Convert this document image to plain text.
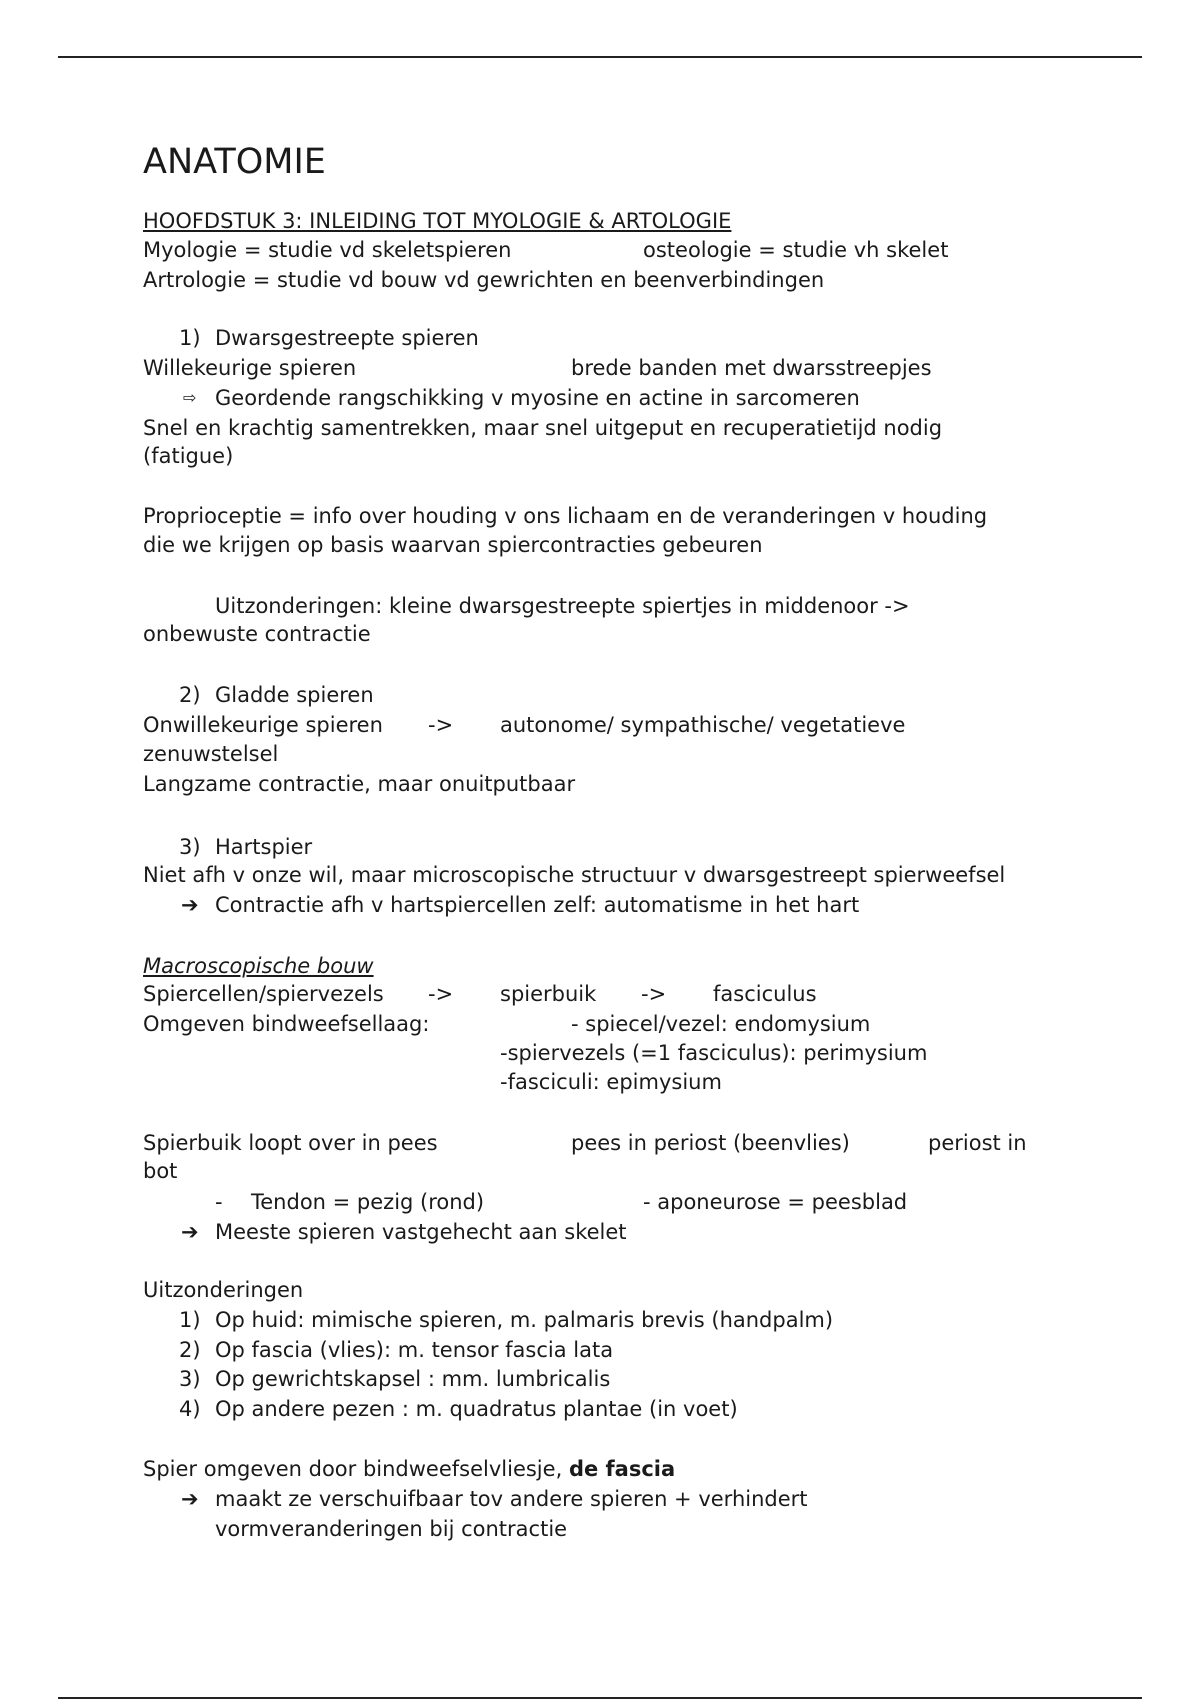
ANATOMIE
HOOFDSTUK 3: INLEIDING TOT MYOLOGIE & ARTOLOGIE
Myologie = studie vd skeletspieren	osteologie = studie vh skelet
Artrologie = studie vd bouw vd gewrichten en beenverbindingen
1) Dwarsgestreepte spieren
Willekeurige spieren	brede banden met dwarsstreepjes
⇨ Geordende rangschikking v myosine en actine in sarcomeren
Snel en krachtig samentrekken, maar snel uitgeput en recuperatietijd nodig
(fatigue)
Proprioceptie = info over houding v ons lichaam en de veranderingen v houding
die we krijgen op basis waarvan spiercontracties gebeuren
Uitzonderingen: kleine dwarsgestreepte spiertjes in middenoor ->
onbewuste contractie
2) Gladde spieren
Onwillekeurige spieren -> autonome/ sympathische/ vegetatieve
zenuwstelsel
Langzame contractie, maar onuitputbaar
3) Hartspier
Niet afh v onze wil, maar microscopische structuur v dwarsgestreept spierweefsel
➔ Contractie afh v hartspiercellen zelf: automatisme in het hart
Macroscopische bouw
Spiercellen/spiervezels -> spierbuik -> fasciculus
Omgeven bindweefsellaag:	- spiecel/vezel: endomysium
-spiervezels (=1 fasciculus): perimysium
-fasciculi: epimysium
Spierbuik loopt over in pees	pees in periost (beenvlies)	periost in
bot
- Tendon = pezig (rond)	- aponeurose = peesblad
➔ Meeste spieren vastgehecht aan skelet
Uitzonderingen
1) Op huid: mimische spieren, m. palmaris brevis (handpalm)
2) Op fascia (vlies): m. tensor fascia lata
3) Op gewrichtskapsel : mm. lumbricalis
4) Op andere pezen : m. quadratus plantae (in voet)
Spier omgeven door bindweefselvliesje, de fascia
➔ maakt ze verschuifbaar tov andere spieren + verhindert
vormveranderingen bij contractie
